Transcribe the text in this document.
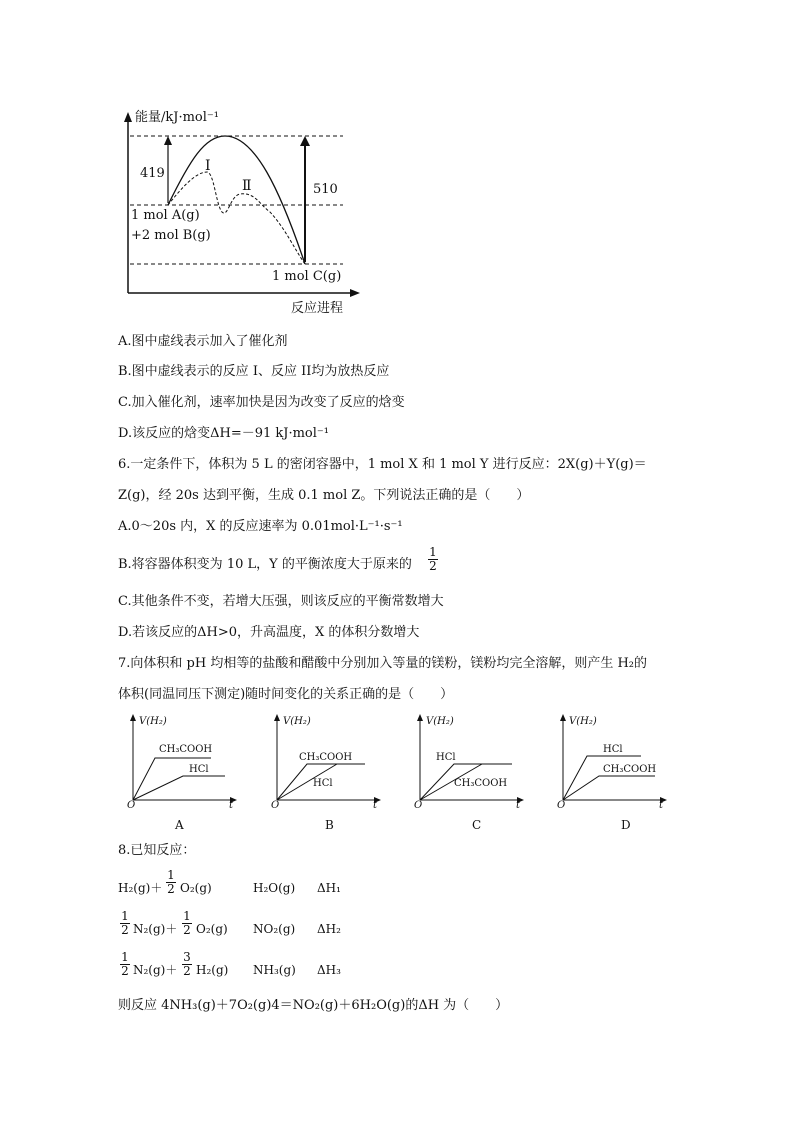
能量/kJ·mol⁻¹
419
510
I
Ⅱ
1 mol A(g)
+2 mol B(g)
1 mol C(g)
反应进程
A.图中虚线表示加入了催化剂
B.图中虚线表示的反应 I、反应 II均为放热反应
C.加入催化剂，速率加快是因为改变了反应的焓变
D.该反应的焓变ΔH=－91 kJ·mol⁻¹
6.一定条件下，体积为 5 L 的密闭容器中，1 mol X 和 1 mol Y 进行反应：2X(g)＋Y(g)＝
Z(g)，经 20s 达到平衡，生成 0.1 mol Z。下列说法正确的是（　　）
A.0～20s 内，X 的反应速率为 0.01mol·L⁻¹·s⁻¹
B.将容器体积变为 10 L，Y 的平衡浓度大于原来的 $\frac{1}{2}$
C.其他条件不变，若增大压强，则该反应的平衡常数增大
D.若该反应的ΔH>0，升高温度，X 的体积分数增大
7.向体积和 pH 均相等的盐酸和醋酸中分别加入等量的镁粉，镁粉均完全溶解，则产生 H₂的
体积(同温同压下测定)随时间变化的关系正确的是（　　）
V(H₂)
CH₃COOH
HCl
O	t
A
V(H₂)
CH₃COOH
HCl
O	t
B
V(H₂)
HCl
CH₃COOH
O	t
C
V(H₂)
HCl
CH₃COOH
O	t
D
8.已知反应：
$H_2(g)+ \frac{1}{2} O_2(g)$	H₂O(g) ΔH₁
$\frac{1}{2} N_2(g)+ \frac{1}{2} O_2(g)$ NO₂(g) ΔH₂
$\frac{1}{2} N_2(g)+ \frac{3}{2} H_2(g)$ NH₃(g) ΔH₃
则反应 4NH₃(g)＋7O₂(g)4＝NO₂(g)＋6H₂O(g)的ΔH 为（　　）
